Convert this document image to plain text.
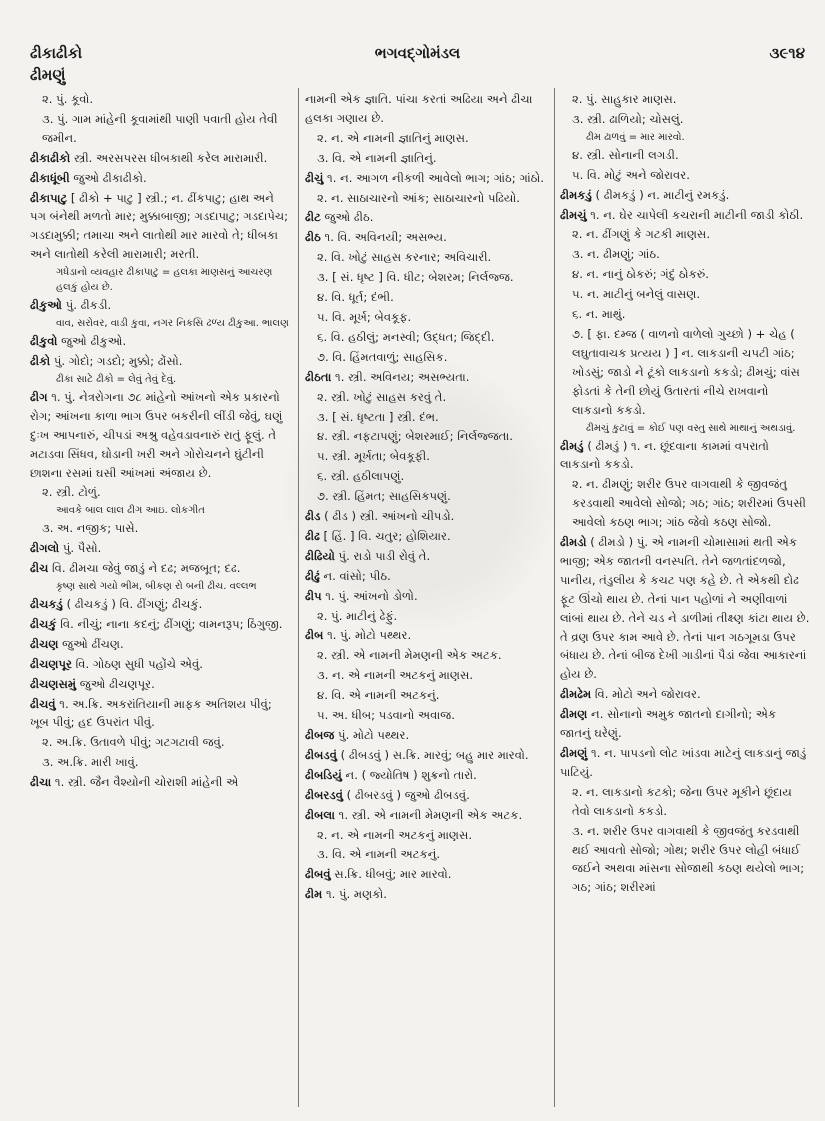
ઢીકાઢીકો	ભગવદ્ગોમંડલ	૩૯૧૪
ઢીમણું
૨. પું. કૂવો.
૩. પું. ગામ માંહેની કૂવામાંથી પાણી પવાતી હોય તેવી જમીન.
ઢીકાઢીકો સ્ત્રી. અરસપરસ ધીબકાથી કરેલ મારામારી.
ઢીકાધૂંબી જુઓ ઢીકાઢીકો.
ઢીકાપાટુ [ ઢીકો + પાટુ ] સ્ત્રી.; ન. ઢીંકપાટુ; હાથ અને પગ બંનેથી મળતો માર; મુક્કાબાજી; ગડદાપાટુ; ગડદાપેચ; ગડદામુક્કી; તમાચા અને લાતોથી માર મારવો તે; ધીબકા અને લાતોથી કરેલી મારામારી; મરતી.
ગધેડાનો વ્યવહાર ઢીકાપાટુ = હલકા માણસનું આચરણ હલકું હોય છે.
ઢીકુઓ પું. ઢીકડી.
વાવ, સરોવર, વાડી કુવા, નગર નિકસિ ઢળ્ય ઢીકુઆ. ભાલણ
ઢીકુવો જુઓ ઢીકુઓ.
ઢીકો પું. ગોદો; ગડદો; મુક્કો; ઢોંસો.
ઢીકા સાટે ઢીકો = લેવું તેવું દેવું.
ઢીગ ૧. પું. નેત્રરોગના ૭૮ માંહેનો આંખનો એક પ્રકારનો રોગ; આંખના કાળા ભાગ ઉપર બકરીની લીંડી જેવું, ઘણું દુઃખ આપનારું, ચીપડાં અશ્રુ વહેવડાવનારું રાતું ફૂલું. તે મટાડવા સિંધવ, ઘોડાની ખરી અને ગોરોચનને ઘુંટીની છાશના રસમાં ઘસી આંખમાં અંજાય છે.
૨. સ્ત્રી. ટોળું.
આવકે બાલ લાલ ઢીગ આઇ. લોકગીત
૩. અ. નજીક; પાસે.
ઢીગલો પું. પૈસો.
ઢીચ વિ. ઢીમચા જેવું જાડું ને દઢ; મજબૂત; દઢ.
કૃષ્ણ સાથે ગયો ભીમ, બીકણ રો બની ઢીચ. વલ્લભ
ઢીચકડું ( ઢીચકડું ) વિ. ઢીંગણું; ઢીચકું.
ઢીચકું વિ. નીચું; નાના કદનું; ઢીંગણું; વામનરૂપ; ઠિંગુજી.
ઢીચણ જુઓ ઢીંચણ.
ઢીચણપૂર વિ. ગોઠણ સુધી પહોંચે એવું.
ઢીચણસમું જુઓ ઢીચણપૂર.
ઢીચવું ૧. અ.ક્રિ. અકરાંતિયાની માફક અતિશય પીવું; ખૂબ પીવું; હદ ઉપરાંત પીવું.
૨. અ.ક્રિ. ઉતાવળે પીવું; ગટગટાવી જવું.
૩. અ.ક્રિ. મારી ખાવું.
ઢીચા ૧. સ્ત્રી. જૈન વૈશ્યોની ચોરાશી માંહેની એ
નામની એક જ્ઞાતિ. પાંચા કરતાં અઢિયા અને ઢીચા હલકા ગણાય છે.
૨. ન. એ નામની જ્ઞાતિનું માણસ.
૩. વિ. એ નામની જ્ઞાતિનું.
ઢીચું ૧. ન. આગળ નીકળી આવેલો ભાગ; ગાંઠ; ગાંઠો.
૨. ન. સાઠાચારનો આંક; સાઠાચારનો પઢિયો.
ઢીટ જુઓ ઢીઠ.
ઢીઠ ૧. વિ. અવિનયી; અસભ્ય.
૨. વિ. ખોટું સાહસ કરનાર; અવિચારી.
૩. [ સં. ધૃષ્ટ ] વિ. ધીટ; બેશરમ; નિર્લજ્જ.
૪. વિ. ધૂર્ત; દંભી.
૫. વિ. મૂર્ખ; બેવકૂફ.
૬. વિ. હઠીલું; મનસ્વી; ઉદ્ધત; જિદ્દી.
૭. વિ. હિંમતવાળું; સાહસિક.
ઢીઠતા ૧. સ્ત્રી. અવિનય; અસભ્યતા.
૨. સ્ત્રી. ખોટું સાહસ કરવું તે.
૩. [ સં. ધૃષ્ટતા ] સ્ત્રી. દંભ.
૪. સ્ત્રી. નફટાપણું; બેશરમાઈ; નિર્લજ્જતા.
૫. સ્ત્રી. મૂર્ખતા; બેવકૂફી.
૬. સ્ત્રી. હઠીલાપણું.
૭. સ્ત્રી. હિંમત; સાહસિકપણું.
ઢીડ ( ઢીડ ) સ્ત્રી. આંખનો ચીપડો.
ઢીઢ [ હિં. ] વિ. ચતુર; હોશિયાર.
ઢીઢિયો પું. રાડો પાડી રોવું તે.
ઢીઢું ન. વાંસો; પીઠ.
ઢીપ ૧. પું. આંખનો ડોળો.
૨. પું. માટીનું ઢેફું.
ઢીબ ૧. પું. મોટો પથ્થર.
૨. સ્ત્રી. એ નામની મેમણની એક અટક.
૩. ન. એ નામની અટકનું માણસ.
૪. વિ. એ નામની અટકનું.
૫. અ. ધીબ; પડવાનો અવાજ.
ઢીબજ પું. મોટો પથ્થર.
ઢીબડવું ( ઢીબડવું ) સ.ક્રિ. મારવું; બહુ માર મારવો.
ઢીબડિયું ન. ( જ્યોતિષ ) શુક્રનો તારો.
ઢીબરડવું ( ઢીબરડવું ) જુઓ ઢીબડવું.
ઢીબલા ૧. સ્ત્રી. એ નામની મેમણની એક અટક.
૨. ન. એ નામની અટકનું માણસ.
૩. વિ. એ નામની અટકનું.
ઢીબવું સ.ક્રિ. ધીબવું; માર મારવો.
ઢીમ ૧. પું. મણકો.
૨. પું. સાહુકાર માણસ.
૩. સ્ત્રી. ઢાળિયો; ચોસલું.
ઢીમ ઢાળવું = માર મારવો.
૪. સ્ત્રી. સોનાની લગડી.
૫. વિ. મોટું અને જોરાવર.
ઢીમકડું ( ઢીમકડું ) ન. માટીનું રમકડું.
ઢીમચું ૧. ન. ઘેર ચાપેલી કચરાની માટીની જાડી કોઠી.
૨. ન. ઢીંગણું કે ગટકી માણસ.
૩. ન. ઢીમણું; ગાંઠ.
૪. ન. નાનું ઠોકરું; ગંદું ઠોકરું.
૫. ન. માટીનું બનેલું વાસણ.
૬. ન. માથું.
૭. [ ફા. દમ્જ ( વાળનો વાળેલો ગુચ્છો ) + ચેહ ( લઘુતાવાચક પ્રત્યય ) ] ન. લાકડાની ચપટી ગાંઠ; ખોડસું; જાડો ને ટૂંકો લાકડાનો કકડો; ઢીમચું; વાંસ ફોડતાં કે તેની છોયું ઉતારતાં નીચે રાખવાનો લાકડાનો કકડો.
ઢીમચું કુટાવું = કોઈ પણ વસ્તુ સાથે માથાનું અથડાવું.
ઢીમડું ( ઢીમડું ) ૧. ન. છૂંદવાના કામમાં વપરાતો લાકડાનો કકડો.
૨. ન. ઢીમણું; શરીર ઉપર વાગવાથી કે જીવજંતુ કરડવાથી આવેલો સોજો; ગઠ; ગાંઠ; શરીરમાં ઉપસી આવેલો કઠણ ભાગ; ગાંઠ જેવો કઠણ સોજો.
ઢીમડો ( ઢીમડો ) પું. એ નામની ચોમાસામાં થતી એક ભાજી; એક જાતની વનસ્પતિ. તેને જળતાંદળજો, પાનીય, તંડુલીય કે કચટ પણ કહે છે. તે એકથી દોઢ ફૂટ ઊંચો થાય છે. તેનાં પાન પહોળાં ને અણીવાળાં લાંબાં થાય છે. તેને ચડ ને ડાળીમાં તીક્ષ્ણ કાંટા થાય છે. તે વ્રણ ઉપર કામ આવે છે. તેનાં પાન ગઠગૂમડા ઉપર બંધાય છે. તેનાં બીજ દેખી ગાડીનાં પૈડાં જેવા આકારનાં હોય છે.
ઢીમઢેમ વિ. મોટો અને જોરાવર.
ઢીમણ ન. સોનાનો અમુક જાતનો દાગીનો; એક જાતનું ઘરેણું.
ઢીમણું ૧. ન. પાપડનો લોટ ખાંડવા માટેનું લાકડાનું જાડું પાટિયું.
૨. ન. લાકડાનો કટકો; જેના ઉપર મૂકીને છૂંદાય તેવો લાકડાનો કકડો.
૩. ન. શરીર ઉપર વાગવાથી કે જીવજંતુ કરડવાથી થઈ આવતો સોજો; ગોથ; શરીર ઉપર લોહી બંધાઈ જઈને અથવા માંસના સોજાથી કઠણ થયેલો ભાગ; ગઠ; ગાંઠ; શરીરમાં
